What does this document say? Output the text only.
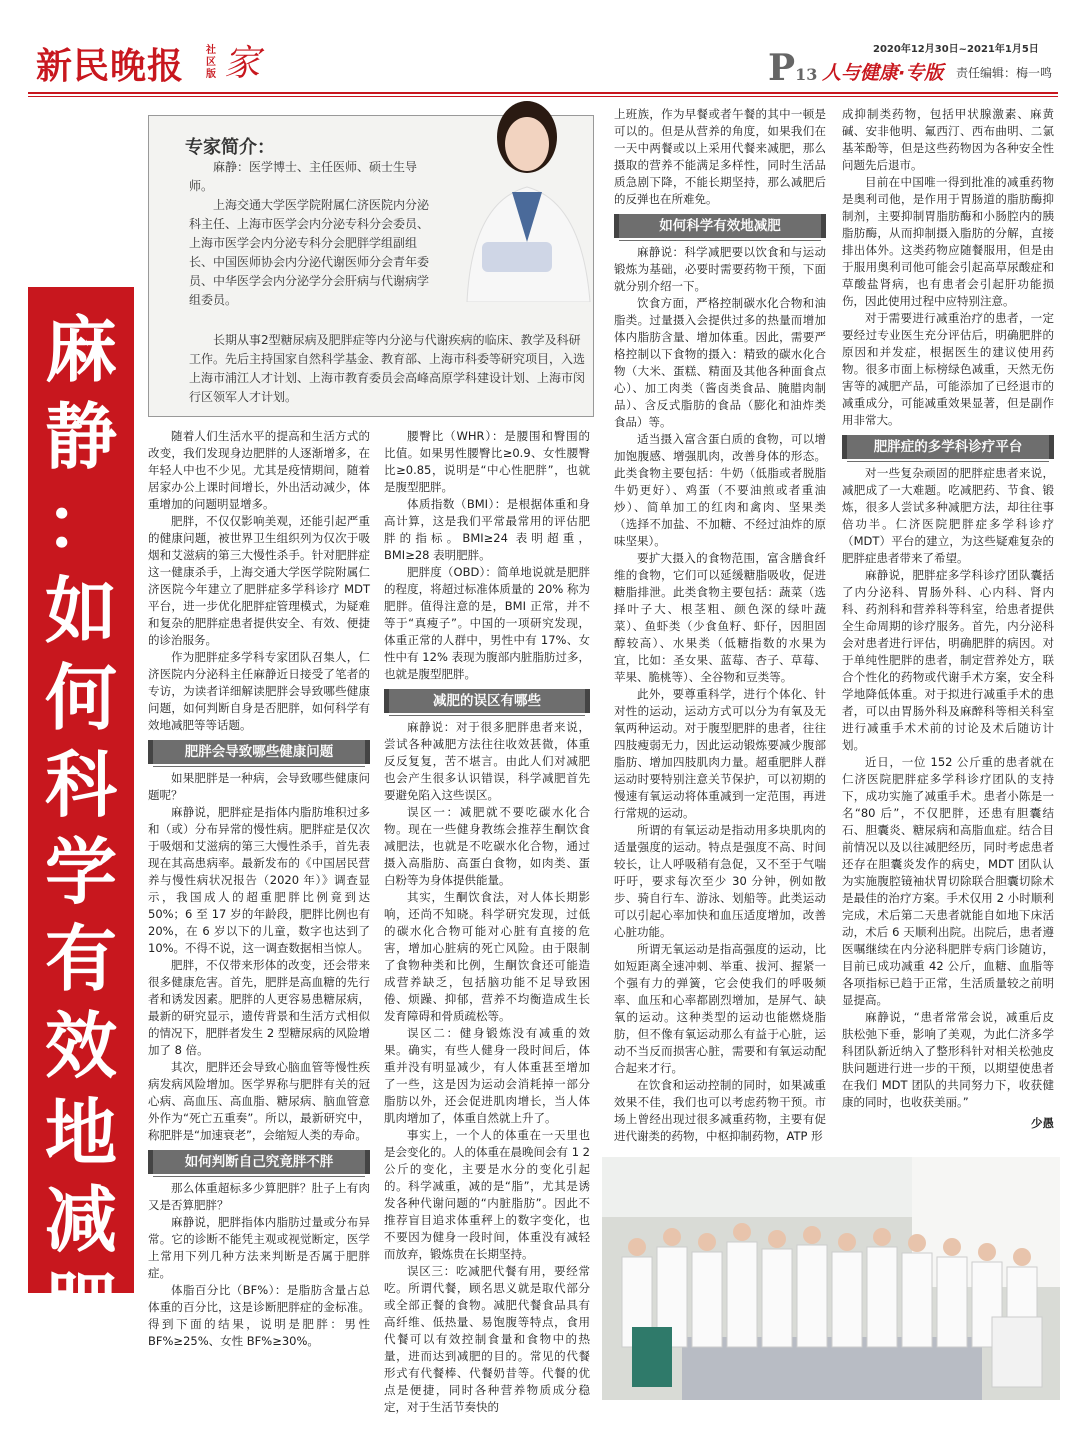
新民晚报 社区版 家	P13 人与健康·专版
2020年12月30日~2021年1月5日
责任编辑：梅一鸣
麻
静
：
如
何
科
学
有
效
地
减
肥
专家简介：

麻静：医学博士、主任医师、硕士生导师。

上海交通大学医学院附属仁济医院内分泌科主任、上海市医学会内分泌专科分会委员、上海市医学会内分泌专科分会肥胖学组副组长、中国医师协会内分泌代谢医师分会青年委员、中华医学会内分泌学分会肝病与代谢病学组委员。

长期从事2型糖尿病及肥胖症等内分泌与代谢疾病的临床、教学及科研工作。先后主持国家自然科学基金、教育部、上海市科委等研究项目，入选上海市浦江人才计划、上海市教育委员会高峰高原学科建设计划、上海市闵行区领军人才计划。

随着人们生活水平的提高和生活方式的改变，我们发现身边肥胖的人逐渐增多，在年轻人中也不少见。尤其是疫情期间，随着居家办公上课时间增长，外出活动减少，体重增加的问题明显增多。

肥胖，不仅仅影响美观，还能引起严重的健康问题，被世界卫生组织列为仅次于吸烟和艾滋病的第三大慢性杀手。针对肥胖症这一健康杀手，上海交通大学医学院附属仁济医院今年建立了肥胖症多学科诊疗 MDT 平台，进一步优化肥胖症管理模式，为疑难和复杂的肥胖症患者提供安全、有效、便捷的诊治服务。

作为肥胖症多学科专家团队召集人，仁济医院内分泌科主任麻静近日接受了笔者的专访，为读者详细解读肥胖会导致哪些健康问题，如何判断自身是否肥胖，如何科学有效地减肥等等话题。

肥胖会导致哪些健康问题

如果肥胖是一种病，会导致哪些健康问题呢？

麻静说，肥胖症是指体内脂肪堆积过多和（或）分布异常的慢性病。肥胖症是仅次于吸烟和艾滋病的第三大慢性杀手，首先表现在其高患病率。最新发布的《中国居民营养与慢性病状况报告（2020 年）》调查显示，我国成人的超重肥胖比例竟到达 50%；6 至 17 岁的年龄段，肥胖比例也有 20%，在 6 岁以下的儿童，数字也达到了 10%。不得不说，这一调查数据相当惊人。

肥胖，不仅带来形体的改变，还会带来很多健康危害。首先，肥胖是高血糖的先行者和诱发因素。肥胖的人更容易患糖尿病，最新的研究显示，遗传背景和生活方式相似的情况下，肥胖者发生 2 型糖尿病的风险增加了 8 倍。

其次，肥胖还会导致心脑血管等慢性疾病发病风险增加。医学界称与肥胖有关的冠心病、高血压、高血脂、糖尿病、脑血管意外作为“死亡五重奏”。所以，最新研究中，称肥胖是“加速衰老”，会缩短人类的寿命。

如何判断自己究竟胖不胖

那么体重超标多少算肥胖？肚子上有肉又是否算肥胖？

麻静说，肥胖指体内脂肪过量或分布异常。它的诊断不能凭主观或视觉断定，医学上常用下列几种方法来判断是否属于肥胖症。

体脂百分比（BF%）：是脂肪含量占总体重的百分比，这是诊断肥胖症的金标准。得到下面的结果，说明是肥胖：男性 BF%≥25%、女性 BF%≥30%。

腰臀比（WHR）：是腰围和臀围的比值。如果男性腰臀比≥0.9、女性腰臀比≥0.85，说明是“中心性肥胖”，也就是腹型肥胖。

体质指数（BMI）：是根据体重和身高计算，这是我们平常最常用的评估肥胖的指标。BMI≥24 表明超重，BMI≥28 表明肥胖。

肥胖度（OBD）：简单地说就是肥胖的程度，将超过标准体质量的 20% 称为肥胖。值得注意的是，BMI 正常，并不等于“真瘦子”。中国的一项研究发现，体重正常的人群中，男性中有 17%、女性中有 12% 表现为腹部内脏脂肪过多，也就是腹型肥胖。

减肥的误区有哪些

麻静说：对于很多肥胖患者来说，尝试各种减肥方法往往收效甚微，体重反反复复，苦不堪言。由此人们对减肥也会产生很多认识错误，科学减肥首先要避免陷入这些误区。

误区一：减肥就不要吃碳水化合物。现在一些健身教练会推荐生酮饮食减肥法，也就是不吃碳水化合物，通过摄入高脂肪、高蛋白食物，如肉类、蛋白粉等为身体提供能量。

其实，生酮饮食法，对人体长期影响，还尚不知晓。科学研究发现，过低的碳水化合物可能对心脏有直接的危害，增加心脏病的死亡风险。由于限制了食物种类和比例，生酮饮食还可能造成营养缺乏，包括脑功能不足导致困倦、烦躁、抑郁，营养不均衡造成生长发育障碍和骨质疏松等。

误区二：健身锻炼没有减重的效果。确实，有些人健身一段时间后，体重并没有明显减少，有人体重甚至增加了一些，这是因为运动会消耗掉一部分脂肪以外，还会促进肌肉增长，当人体肌肉增加了，体重自然就上升了。

事实上，一个人的体重在一天里也是会变化的。人的体重在晨晚间会有 1 2 公斤的变化，主要是水分的变化引起的。科学减重，减的是“脂”，尤其是诱发各种代谢问题的“内脏脂肪”。因此不推荐盲目追求体重秤上的数字变化，也不要因为健身一段时间，体重没有减轻而放弃，锻炼贵在长期坚持。

误区三：吃减肥代餐有用，要经常吃。所谓代餐，顾名思义就是取代部分或全部正餐的食物。减肥代餐食品具有高纤维、低热量、易饱腹等特点，食用代餐可以有效控制食量和食物中的热量，进而达到减肥的目的。常见的代餐形式有代餐棒、代餐奶昔等。代餐的优点是便捷，同时各种营养物质成分稳定，对于生活节奏快的

上班族，作为早餐或者午餐的其中一顿是可以的。但是从营养的角度，如果我们在一天中两餐或以上采用代餐来减肥，那么摄取的营养不能满足多样性，同时生活品质急剧下降，不能长期坚持，那么减肥后的反弹也在所难免。

如何科学有效地减肥

麻静说：科学减肥要以饮食和与运动锻炼为基础，必要时需要药物干预，下面就分别介绍一下。

饮食方面，严格控制碳水化合物和油脂类。过量摄入会提供过多的热量而增加体内脂肪含量、增加体重。因此，需要严格控制以下食物的摄入：精致的碳水化合物（大米、蛋糕、精面及其他各种面食点心）、加工肉类（酱卤类食品、腌腊肉制品）、含反式脂肪的食品（膨化和油炸类食品）等。

适当摄入富含蛋白质的食物，可以增加饱腹感、增强肌肉，改善身体的形态。此类食物主要包括：牛奶（低脂或者脱脂牛奶更好）、鸡蛋（不要油煎或者重油炒）、简单加工的红肉和禽肉、坚果类（选择不加盐、不加糖、不经过油炸的原味坚果）。

要扩大摄入的食物范围，富含膳食纤维的食物，它们可以延缓糖脂吸收，促进糖脂排泄。此类食物主要包括：蔬菜（选择叶子大、根茎粗、颜色深的绿叶蔬菜）、鱼虾类（少食鱼籽、虾仔，因胆固醇较高）、水果类（低糖指数的水果为宜，比如：圣女果、蓝莓、杏子、草莓、苹果、脆桃等）、全谷物和豆类等。

此外，要尊重科学，进行个体化、针对性的运动，运动方式可以分为有氧及无氧两种运动。对于腹型肥胖的患者，往往四肢瘦弱无力，因此运动锻炼要减少腹部脂肪、增加四肢肌肉力量。超重肥胖人群运动时要特别注意关节保护，可以初期的慢速有氧运动将体重减到一定范围，再进行常规的运动。

所谓的有氧运动是指动用多块肌肉的适量强度的运动。特点是强度不高、时间较长，让人呼吸稍有急促，又不至于气喘吁吁，要求每次至少 30 分钟，例如散步、骑自行车、游泳、划船等。此类运动可以引起心率加快和血压适度增加，改善心脏功能。

所谓无氧运动是指高强度的运动，比如短距离全速冲刺、举重、拔河、握紧一个强有力的弹簧，它会使我们的呼吸频率、血压和心率都剧烈增加，是屏气、缺氧的运动。这种类型的运动也能燃烧脂肪，但不像有氧运动那么有益于心脏，运动不当反而损害心脏，需要和有氧运动配合起来才行。

在饮食和运动控制的同时，如果减重效果不佳，我们也可以考虑药物干预。市场上曾经出现过很多减重药物，主要有促进代谢类的药物，中枢抑制药物，ATP 形

成抑制类药物，包括甲状腺激素、麻黄碱、安非他明、氟西汀、西布曲明、二氯基苯酚等，但是这些药物因为各种安全性问题先后退市。

目前在中国唯一得到批准的减重药物是奥利司他，是作用于胃肠道的脂肪酶抑制剂，主要抑制胃脂肪酶和小肠腔内的胰脂肪酶，从而抑制摄入脂肪的分解，直接排出体外。这类药物应随餐服用，但是由于服用奥利司他可能会引起高草尿酸症和草酸盐肾病，也有患者会引起肝功能损伤，因此使用过程中应特别注意。

对于需要进行减重治疗的患者，一定要经过专业医生充分评估后，明确肥胖的原因和并发症，根据医生的建议使用药物。很多市面上标榜绿色减重，天然无伤害等的减肥产品，可能添加了已经退市的减重成分，可能减重效果显著，但是副作用非常大。

肥胖症的多学科诊疗平台

对一些复杂顽固的肥胖症患者来说，减肥成了一大难题。吃减肥药、节食、锻炼，很多人尝试多种减肥方法，却往往事倍功半。仁济医院肥胖症多学科诊疗（MDT）平台的建立，为这些疑难复杂的肥胖症患者带来了希望。

麻静说，肥胖症多学科诊疗团队囊括了内分泌科、胃肠外科、心内科、肾内科、药剂科和营养科等科室，给患者提供全生命周期的诊疗服务。首先，内分泌科会对患者进行评估，明确肥胖的病因。对于单纯性肥胖的患者，制定营养处方，联合个性化的药物或代谢手术方案，安全科学地降低体重。对于拟进行减重手术的患者，可以由胃肠外科及麻醉科等相关科室进行减重手术术前的讨论及术后随访计划。

近日，一位 152 公斤重的患者就在仁济医院肥胖症多学科诊疗团队的支持下，成功实施了减重手术。患者小陈是一名“80 后”，不仅肥胖，还患有胆囊结石、胆囊炎、糖尿病和高脂血症。结合目前情况以及以往减肥经历，同时考虑患者还存在胆囊炎发作的病史，MDT 团队认为实施腹腔镜袖状胃切除联合胆囊切除术是最佳的治疗方案。手术仅用 2 小时顺利完成，术后第二天患者就能自如地下床活动，术后 6 天顺利出院。出院后，患者遵医嘱继续在内分泌科肥胖专病门诊随访，目前已成功减重 42 公斤，血糖、血脂等各项指标已趋于正常，生活质量较之前明显提高。

麻静说，“患者常常会说，减重后皮肤松弛下垂，影响了美观，为此仁济多学科团队新近纳入了整形科针对相关松弛皮肤问题进行进一步的干预，以期望使患者在我们 MDT 团队的共同努力下，收获健康的同时，也收获美丽。”

少愚
